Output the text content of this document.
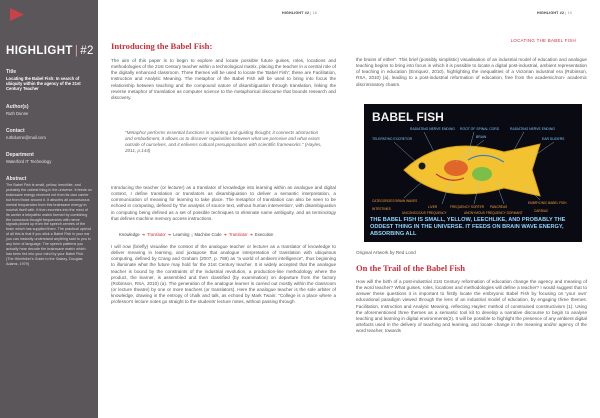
HIGHLIGHT | #2
Title
Locating the Babel Fish: In search of ubiquity within the agency of the 21st Century Teacher
Author(s)
Ruth Dunne
Contact
ruthdunne@mail.com
Department
Waterford IT Technology
Abstract
The Babel Fish is small, yellow, leechlike, and probably the oddest thing in the universe. It feeds on brainwave energy received not from its own carrier but from those around it. It absorbs all unconscious mental frequencies from this brainwave energy to nourish itself with. It then excretes into the mind of its carrier a telepathic matrix formed by combining the conscious thought frequencies with nerve signals picked up from the speech centres of the brain which has supplied them. The practical upshot of all this is that if you stick a Babel Fish in your ear you can instantly understand anything said to you in any form of language. The speech patterns you actually hear decode the brainwave matrix which has been fed into your mind by your Babel Fish. (The Hitchhiker's Guide to the Galaxy, Douglas Adams, 1979)
HIGHLIGHT #2 | 18	HIGHLIGHT #2 | 19
Introducing the Babel Fish:

The aim of this paper is to begin to explore and locate possible future guises, roles, locations and methodologies of the 21st Century teacher within a technological matrix, placing the teacher in a central role of the digitally enhanced classroom. Three themes will be used to locate the 'Babel Fish'; these are Facilitation, Instruction and Analytic Meaning. The metaphor of the Babel Fish will be used to bring into focus the relationship between teaching and the compound nature of disambiguation through translation, linking the reverse metaphor of translation as computer science to the metaphorical discourse that bounds research and discovery.

"Metaphor performs essential functions in orienting and guiding thought; it connects abstraction and embodiment, it allows us to discover regularities between what we perceive and what exists outside of ourselves, and it enlivens cultural presuppositions with scientific frameworks." (Hayles, 2011, p.144)

Introducing the teacher (or lecturer) as a translator of knowledge into learning within an analogue and digital context, I define translation or translators as disambiguation to deliver a semantic interpretation, a communication of meaning for learning to take place. The metaphor of translation can also be seen to be echoed in computing, defined by 'the analysis of source text, without human intervention', with disambiguation in computing being defined as a set of possible techniques to eliminate name ambiguity, and as terminology that defines machine memory access instructions.

Knowledge ➜ Translator ➜ Learning | Machine Code ➜ Translator ➜ Execution

I will now (briefly) visualise the context of the analogue teacher or lecturer as a translator of knowledge to deliver meaning in learning, and juxtapose that analogue interpretation of translation with ubiquitous computing, defined by Crang and Graham (2007, p. 789) as "a world of ambient intelligence", thus beginning to illuminate what the future may hold for the 21st Century teacher. It is widely accepted that the analogue teacher is bound by the constraints of the industrial revolution, a production-line methodology where the product, the learner, is assembled and then classified (by examination) on departure from the factory (Robinson, RSA, 2010) (a). The generation of the analogue learner is carried out mostly within the classroom (or lecture theatre) by one or more teachers (or translators). Here the analogue teacher is the sole arbiter of knowledge, drawing in the entropy of chalk and talk, as echoed by Mark Twain: "College is a place where a professor's lecture notes go straight to the students' lecture notes, without passing through

LOCATING THE BABEL FISH

the brains of either". This brief (possibly simplistic) visualisation of an industrial model of education and analogue teaching begins to bring into focus in which it is possible to locate a digital post-industrial, ambient representation of teaching in education (Enriquez, 2010), highlighting the inequalities of a Victorian industrial era (Robinson, RSA, 2010) (a), leading to a post-industrial reformation of education, free from the academic/non- academic discriminatory chasm.

BABEL FISH
RADIATING NERVE ENDING ROOT OF SPINAL CORD	RADIATING NERVE ENDING
TELEPATHIC EXCRETOR	BRAIN	EAR SLIDERS
CATEGORIZES BRAIN WAVES
LIVER	FREQUENCY SORTER PANCREAS
EMBRYONIC BABEL FISH
INTESTINES
UNCONSCIOUS FREQUENCY	ANONYMOUS FREQUENCY DORMANT	CARDIAC
THE BABEL FISH IS SMALL, YELLOW, LEECHLIKE, AND PROBABLY THE ODDEST THING IN THE UNIVERSE. IT FEEDS ON BRAIN WAVE ENERGY, ABSORBING ALL
Original Artwork by Red Lond
On the Trail of the Babel Fish

How will the birth of a post-industrial 21st Century reformation of education change the agency and meaning of the word teacher? What guises, roles, locations and methodologies will define a teacher? I would suggest that to answer these questions it is important to firstly locate the embryonic Babel Fish by focusing on 'your own' educational paradigm viewed through the lens of an industrial model of education, by engaging three themes: Facilitation, Instruction and Analytic Meaning, reflecting Hayles' method of constrained constructivism (1). Using the aforementioned three themes as a semantic tool kit to develop a narrative discourse to begin to analyse teaching and learning in digital environments(2). It will be possible to highlight the presence of any ambient digital artefacts used in the delivery of teaching and learning, and locate change in the meaning and/or agency of the word teacher, towards
